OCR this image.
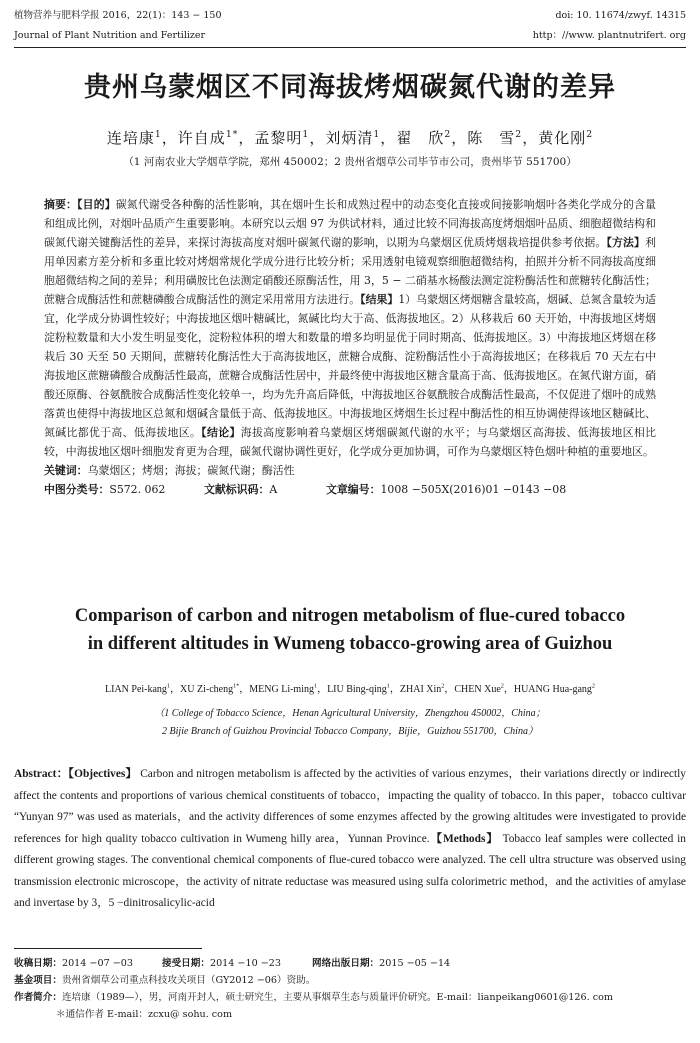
植物营养与肥料学报 2016，22(1)：143 − 150	doi: 10. 11674/zwyf. 14315
Journal of Plant Nutrition and Fertilizer	http：//www. plantnutrifert. org
贵州乌蒙烟区不同海拔烤烟碳氮代谢的差异
连培康$^1$，许自成$^{1*}$，孟黎明$^1$，刘炳清$^1$，翟　欣$^2$，陈　雪$^2$，黄化刚$^2$
（1 河南农业大学烟草学院，郑州 450002；2 贵州省烟草公司毕节市公司，贵州毕节 551700）

摘要：【目的】碳氮代谢受各种酶的活性影响，其在烟叶生长和成熟过程中的动态变化直接或间接影响烟叶各类化学成分的含量和组成比例，对烟叶品质产生重要影响。本研究以云烟 97 为供试材料，通过比较不同海拔高度烤烟烟叶品质、细胞超微结构和碳氮代谢关键酶活性的差异，来探讨海拔高度对烟叶碳氮代谢的影响，以期为乌蒙烟区优质烤烟栽培提供参考依据。【方法】利用单因素方差分析和多重比较对烤烟常规化学成分进行比较分析；采用透射电镜观察细胞超微结构，拍照并分析不同海拔高度细胞超微结构之间的差异；利用磺胺比色法测定硝酸还原酶活性，用 3，5 − 二硝基水杨酸法测定淀粉酶活性和蔗糖转化酶活性；蔗糖合成酶活性和蔗糖磷酸合成酶活性的测定采用常用方法进行。【结果】1）乌蒙烟区烤烟糖含量较高，烟碱、总氮含量较为适宜，化学成分协调性较好；中海拔地区烟叶糖碱比，氮碱比均大于高、低海拔地区。2）从移栽后 60 天开始，中海拔地区烤烟淀粉粒数量和大小发生明显变化，淀粉粒体积的增大和数量的增多均明显优于同时期高、低海拔地区。3）中海拔地区烤烟在移栽后 30 天至 50 天期间，蔗糖转化酶活性大于高海拔地区，蔗糖合成酶、淀粉酶活性小于高海拔地区；在移栽后 70 天左右中海拔地区蔗糖磷酸合成酶活性最高，蔗糖合成酶活性居中，并最终使中海拔地区糖含量高于高、低海拔地区。在氮代谢方面，硝酸还原酶、谷氨酰胺合成酶活性变化较单一，均为先升高后降低，中海拔地区谷氨酰胺合成酶活性最高，不仅促进了烟叶的成熟落黄也使得中海拔地区总氮和烟碱含量低于高、低海拔地区。中海拔地区烤烟生长过程中酶活性的相互协调使得该地区糖碱比、氮碱比都优于高、低海拔地区。【结论】海拔高度影响着乌蒙烟区烤烟碳氮代谢的水平；与乌蒙烟区高海拔、低海拔地区相比较，中海拔地区烟叶细胞发育更为合理，碳氮代谢协调性更好，化学成分更加协调，可作为乌蒙烟区特色烟叶种植的重要地区。

关键词：乌蒙烟区；烤烟；海拔；碳氮代谢；酶活性

中图分类号：S572. 062	文献标识码：A	文章编号：1008 −505X(2016)01 −0143 −08
Comparison of carbon and nitrogen metabolism of flue-cured tobacco
in different altitudes in Wumeng tobacco-growing area of Guizhou
LIAN Pei-kang$^1$，XU Zi-cheng$^{1*}$，MENG Li-ming$^1$，LIU Bing-qing$^1$，ZHAI Xin$^2$，CHEN Xue$^2$，HUANG Hua-gang$^2$
（1 College of Tobacco Science，Henan Agricultural University，Zhengzhou 450002，China；
2 Bijie Branch of Guizhou Provincial Tobacco Company，Bijie，Guizhou 551700，China）

Abstract：【Objectives】 Carbon and nitrogen metabolism is affected by the activities of various enzymes，their variations directly or indirectly affect the contents and proportions of various chemical constituents of tobacco，impacting the quality of tobacco. In this paper，tobacco cultivar “Yunyan 97” was used as materials，and the activity differences of some enzymes affected by the growing altitudes were investigated to provide references for high quality tobacco cultivation in Wumeng hilly area，Yunnan Province.【Methods】 Tobacco leaf samples were collected in different growing stages. The conventional chemical components of flue-cured tobacco were analyzed. The cell ultra structure was observed using transmission electronic microscope，the activity of nitrate reductase was measured using sulfa colorimetric method，and the activities of amylase and invertase by 3，5 −dinitrosalicylic-acid

收稿日期：2014 −07 −03	接受日期：2014 −10 −23	网络出版日期：2015 −05 −14
基金项目：贵州省烟草公司重点科技攻关项目（GY2012 −06）资助。
作者简介：连培康（1989—），男，河南开封人，硕士研究生，主要从事烟草生态与质量评价研究。E-mail：lianpeikang0601@126. com
＊通信作者 E-mail：zcxu@ sohu. com
